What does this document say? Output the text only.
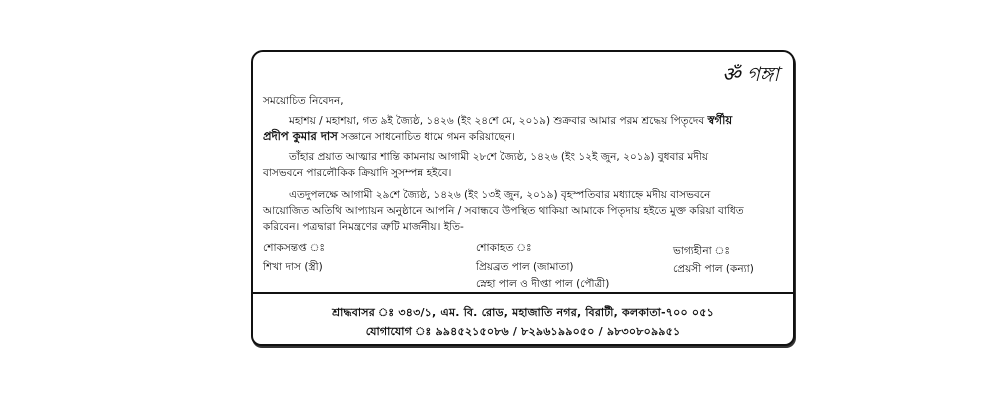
ॐ গঙ্গা
সময়োচিত নিবেদন,
মহাশয় / মহাশয়া, গত ৯ই জ্যৈষ্ঠ, ১৪২৬ (ইং ২৪শে মে, ২০১৯) শুক্রবার আমার পরম শ্রদ্ধেয় পিতৃদেব স্বর্গীয়
প্রদীপ কুমার দাস সজ্ঞানে সাধনোচিত ধামে গমন করিয়াছেন।
তাঁহার প্রয়াত আত্মার শান্তি কামনায় আগামী ২৮শে জ্যৈষ্ঠ, ১৪২৬ (ইং ১২ই জুন, ২০১৯) বুধবার মদীয়
বাসভবনে পারলৌকিক ক্রিয়াদি সুসম্পন্ন হইবে।
এতদুপলক্ষে আগামী ২৯শে জ্যৈষ্ঠ, ১৪২৬ (ইং ১৩ই জুন, ২০১৯) বৃহস্পতিবার মধ্যাহ্নে মদীয় বাসভবনে
আয়োজিত অতিথি আপ্যায়ন অনুষ্ঠানে আপনি / সবান্ধবে উপস্থিত থাকিয়া আমাকে পিতৃদায় হইতে মুক্ত করিয়া বাধিত
করিবেন। পত্রদ্বারা নিমন্ত্রণের ত্রুটি মার্জনীয়। ইতি-
শোকসন্তপ্ত ঃ
শিখা দাস (স্ত্রী)
শোকাহত ঃ
প্রিয়ব্রত পাল (জামাতা)
স্নেহা পাল ও দীপ্তা পাল (পৌত্রী)
ভাগ্যহীনা ঃ
প্রেয়সী পাল (কন্যা)
শ্রাদ্ধবাসর ঃ ৩৪৩/১, এম. বি. রোড, মহাজাতি নগর, বিরাটী, কলকাতা-৭০০ ০৫১
যোগাযোগ ঃ ৯৯৪৫২১৫০৮৬ / ৮২৯৬১৯৯০৫০ / ৯৮৩০৮০৯৯৫১
